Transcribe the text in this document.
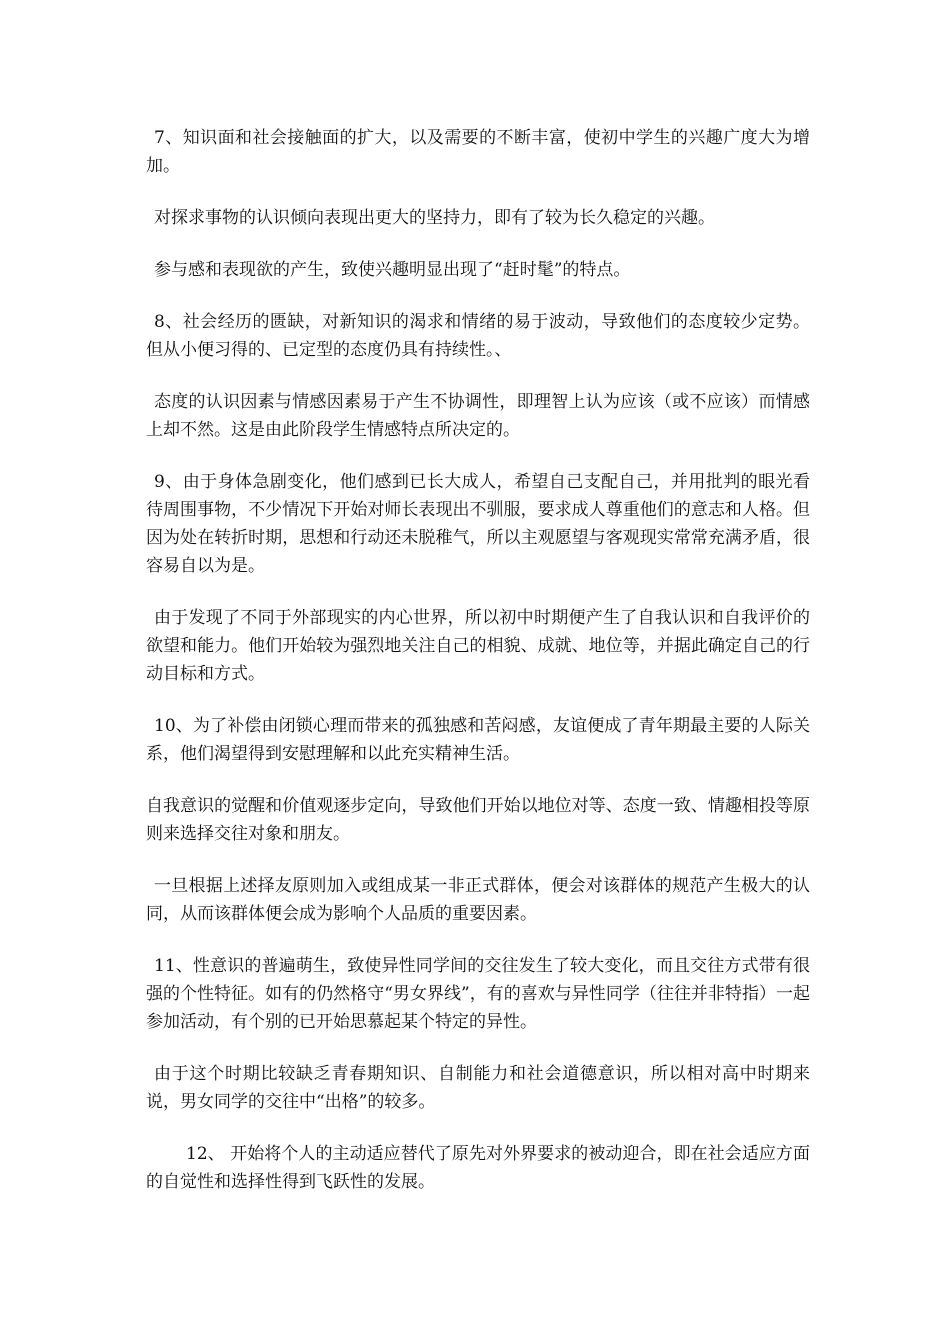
7、知识面和社会接触面的扩大，以及需要的不断丰富，使初中学生的兴趣广度大为增加。

对探求事物的认识倾向表现出更大的坚持力，即有了较为长久稳定的兴趣。

参与感和表现欲的产生，致使兴趣明显出现了“赶时髦”的特点。

8、社会经历的匮缺，对新知识的渴求和情绪的易于波动，导致他们的态度较少定势。但从小便习得的、已定型的态度仍具有持续性。、

态度的认识因素与情感因素易于产生不协调性，即理智上认为应该（或不应该）而情感上却不然。这是由此阶段学生情感特点所决定的。

9、由于身体急剧变化，他们感到已长大成人，希望自己支配自己，并用批判的眼光看待周围事物，不少情况下开始对师长表现出不驯服，要求成人尊重他们的意志和人格。但因为处在转折时期，思想和行动还未脱稚气，所以主观愿望与客观现实常常充满矛盾，很容易自以为是。

由于发现了不同于外部现实的内心世界，所以初中时期便产生了自我认识和自我评价的欲望和能力。他们开始较为强烈地关注自己的相貌、成就、地位等，并据此确定自己的行动目标和方式。

10、为了补偿由闭锁心理而带来的孤独感和苦闷感，友谊便成了青年期最主要的人际关系，他们渴望得到安慰理解和以此充实精神生活。

自我意识的觉醒和价值观逐步定向，导致他们开始以地位对等、态度一致、情趣相投等原则来选择交往对象和朋友。

一旦根据上述择友原则加入或组成某一非正式群体，便会对该群体的规范产生极大的认同，从而该群体便会成为影响个人品质的重要因素。

11、性意识的普遍萌生，致使异性同学间的交往发生了较大变化，而且交往方式带有很强的个性特征。如有的仍然格守“男女界线”，有的喜欢与异性同学（往往并非特指）一起参加活动，有个别的已开始思慕起某个特定的异性。

由于这个时期比较缺乏青春期知识、自制能力和社会道德意识，所以相对高中时期来说，男女同学的交往中“出格”的较多。

12、 开始将个人的主动适应替代了原先对外界要求的被动迎合，即在社会适应方面的自觉性和选择性得到飞跃性的发展。
